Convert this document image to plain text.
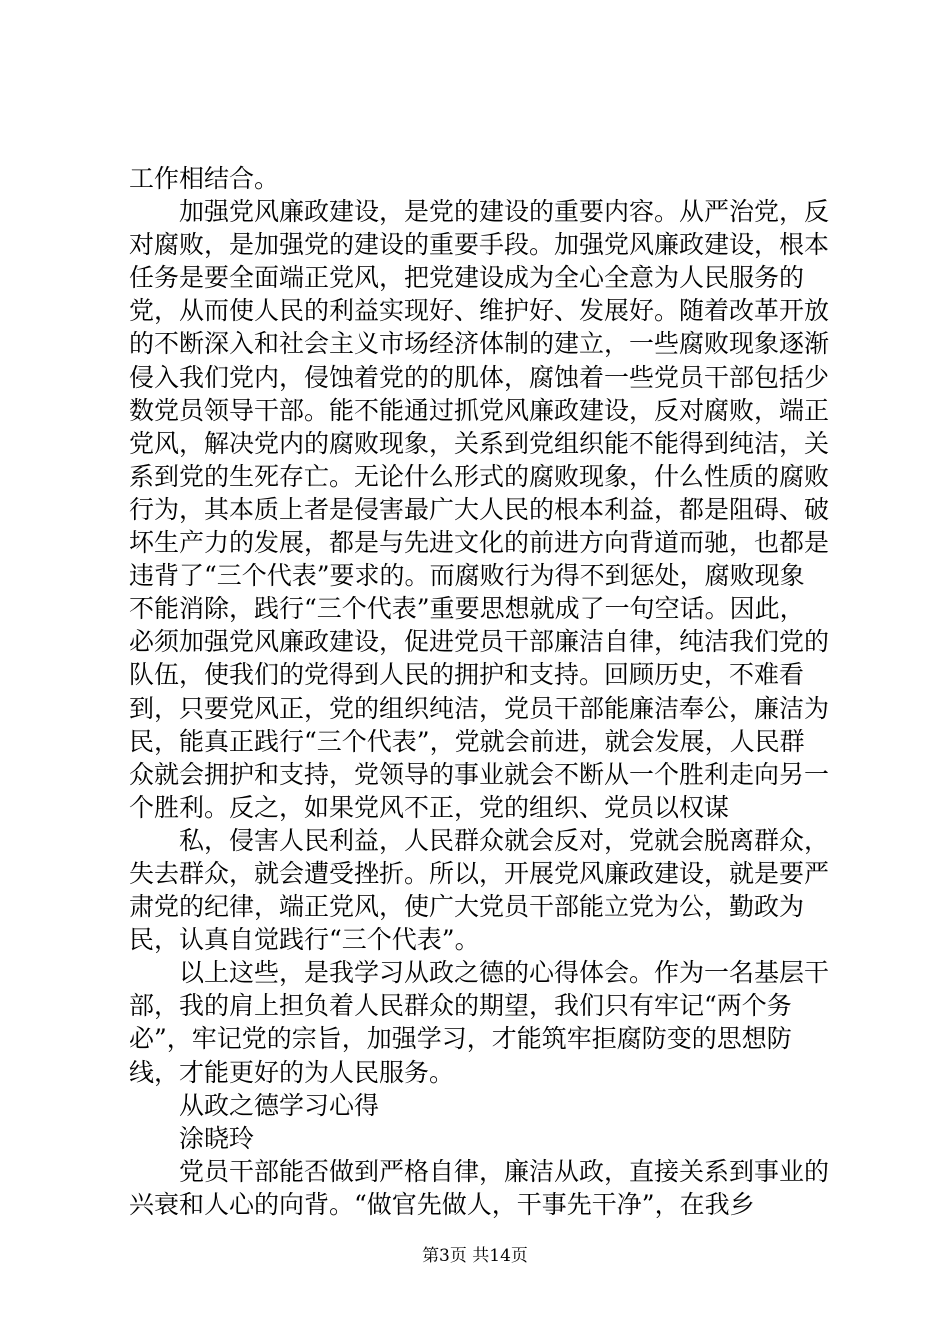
工作相结合。

　　加强党风廉政建设，是党的建设的重要内容。从严治党，反对腐败，是加强党的建设的重要手段。加强党风廉政建设，根本任务是要全面端正党风，把党建设成为全心全意为人民服务的党，从而使人民的利益实现好、维护好、发展好。随着改革开放的不断深入和社会主义市场经济体制的建立，一些腐败现象逐渐侵入我们党内，侵蚀着党的的肌体，腐蚀着一些党员干部包括少数党员领导干部。能不能通过抓党风廉政建设，反对腐败，端正党风，解决党内的腐败现象，关系到党组织能不能得到纯洁，关系到党的生死存亡。无论什么形式的腐败现象，什么性质的腐败行为，其本质上者是侵害最广大人民的根本利益，都是阻碍、破坏生产力的发展，都是与先进文化的前进方向背道而驰，也都是违背了“三个代表”要求的。而腐败行为得不到惩处，腐败现象不能消除，践行“三个代表”重要思想就成了一句空话。因此，必须加强党风廉政建设，促进党员干部廉洁自律，纯洁我们党的队伍，使我们的党得到人民的拥护和支持。回顾历史，不难看到，只要党风正，党的组织纯洁，党员干部能廉洁奉公，廉洁为民，能真正践行“三个代表”，党就会前进，就会发展，人民群众就会拥护和支持，党领导的事业就会不断从一个胜利走向另一个胜利。反之，如果党风不正，党的组织、党员以权谋

　　私，侵害人民利益，人民群众就会反对，党就会脱离群众，失去群众，就会遭受挫折。所以，开展党风廉政建设，就是要严肃党的纪律，端正党风，使广大党员干部能立党为公，勤政为民，认真自觉践行“三个代表”。

　　以上这些，是我学习从政之德的心得体会。作为一名基层干部，我的肩上担负着人民群众的期望，我们只有牢记“两个务必”，牢记党的宗旨，加强学习，才能筑牢拒腐防变的思想防线，才能更好的为人民服务。

　　从政之德学习心得

　　涂晓玲

　　党员干部能否做到严格自律，廉洁从政，直接关系到事业的兴衰和人心的向背。“做官先做人，干事先干净”，在我乡

第3页 共14页
